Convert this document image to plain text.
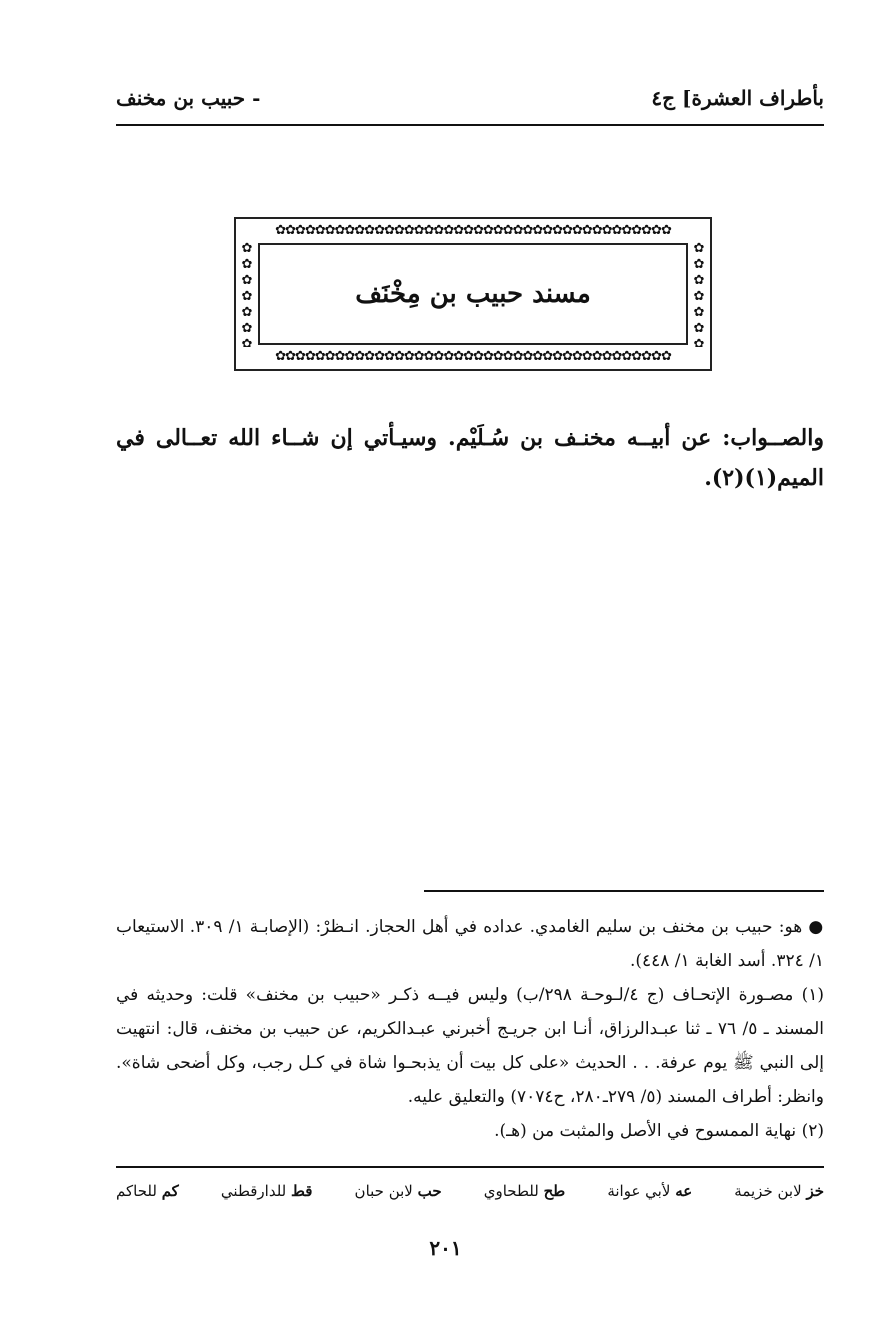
بأطراف العشرة] ج٤
- حبيب بن مخنف
✿✿✿✿✿✿✿✿✿✿✿✿✿✿✿✿✿✿✿✿✿✿✿✿✿✿✿✿✿✿✿✿✿✿✿✿✿✿✿✿
✿✿✿✿✿✿✿✿✿✿✿✿✿✿✿✿✿✿✿✿✿✿✿✿✿✿✿✿✿✿✿✿✿✿✿✿✿✿✿✿
✿✿✿✿✿✿✿
✿✿✿✿✿✿✿
مسند حبيب بن مِخْنَف
والصــواب: عن أبيــه مخنـف بن سُـلَيْم. وسيـأتي إن شــاء الله تعــالى في الميم(١)(٢).

● هو: حبيب بن مخنف بن سليم الغامدي. عداده في أهل الحجاز. انـظرْ: (الإصابـة ١/ ٣٠٩. الاستيعاب ١/ ٣٢٤. أسد الغابة ١/ ٤٤٨).

(١) مصـورة الإتحـاف (ج ٤/لـوحـة ٢٩٨/ب) وليس فيــه ذكـر «حبيب بن مخنف» قلت: وحديثه في المسند ـ ٥/ ٧٦ ـ ثنا عبـدالرزاق، أنـا ابن جريـج أخبرني عبـدالكريم، عن حبيب بن مخنف، قال: انتهيت إلى النبي ﷺ يوم عرفة. . . الحديث «على كل بيت أن يذبحـوا شاة في كـل رجب، وكل أضحى شاة». وانظر: أطراف المسند (٥/ ٢٧٩ـ٢٨٠، ح٧٠٧٤) والتعليق عليه.

(٢) نهاية الممسوح في الأصل والمثبت من (هـ).

خز لابن خزيمة
عه لأبي عوانة
طح للطحاوي
حب لابن حبان
قط للدارقطني
كم للحاكم
٢٠١
